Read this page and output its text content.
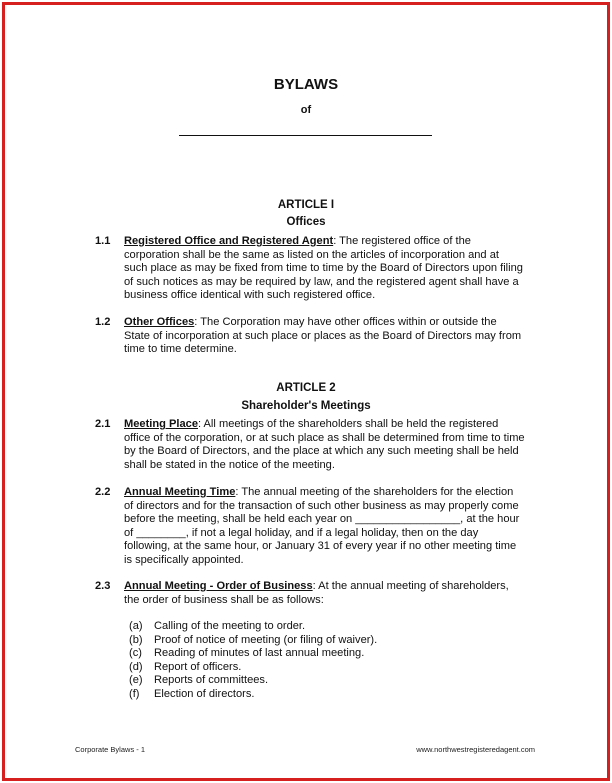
BYLAWS
of
ARTICLE I
Offices
1.1 Registered Office and Registered Agent: The registered office of the corporation shall be the same as listed on the articles of incorporation and at such place as may be fixed from time to time by the Board of Directors upon filing of such notices as may be required by law, and the registered agent shall have a business office identical with such registered office.
1.2 Other Offices: The Corporation may have other offices within or outside the State of incorporation at such place or places as the Board of Directors may from time to time determine.
ARTICLE 2
Shareholder's Meetings
2.1 Meeting Place: All meetings of the shareholders shall be held the registered office of the corporation, or at such place as shall be determined from time to time by the Board of Directors, and the place at which any such meeting shall be held shall be stated in the notice of the meeting.
2.2 Annual Meeting Time: The annual meeting of the shareholders for the election of directors and for the transaction of such other business as may properly come before the meeting, shall be held each year on _________________, at the hour of ________, if not a legal holiday, and if a legal holiday, then on the day following, at the same hour, or January 31 of every year if no other meeting time is specifically appointed.
2.3 Annual Meeting - Order of Business: At the annual meeting of shareholders, the order of business shall be as follows:
(a) Calling of the meeting to order.
(b) Proof of notice of meeting (or filing of waiver).
(c) Reading of minutes of last annual meeting.
(d) Report of officers.
(e) Reports of committees.
(f) Election of directors.
Corporate Bylaws - 1	www.northwestregisteredagent.com
